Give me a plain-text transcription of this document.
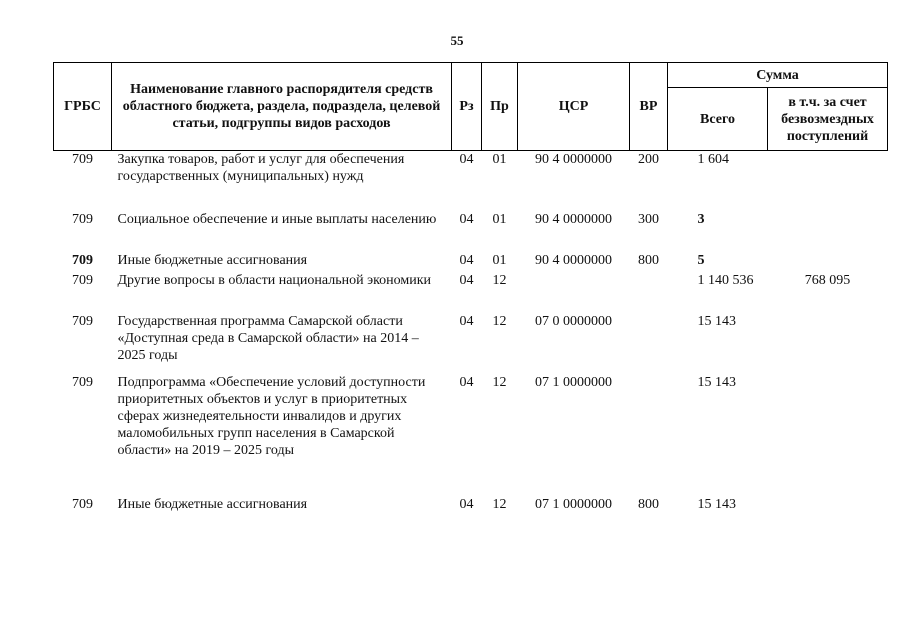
55
ГРБС	Наименование главного распорядителя средств областного бюджета, раздела, подраздела, целевой статьи, подгруппы видов расходов	Рз	Пр	ЦСР	ВР	Сумма	
						Всего	в т.ч. за счет безвозмездных поступлений
709	Закупка товаров, работ и услуг для обеспечения государственных (муниципальных) нужд	04	01	90 4 0000000	200	1 604	
709	Социальное обеспечение и иные выплаты населению	04	01	90 4 0000000	300	3	
709	Иные бюджетные ассигнования	04	01	90 4 0000000	800	5	
709	Другие вопросы в области национальной экономики	04	12			1 140 536	768 095
709	Государственная программа Самарской области «Доступная среда в Самарской области» на 2014 – 2025 годы	04	12	07 0 0000000		15 143	
709	Подпрограмма «Обеспечение условий доступности приоритетных объектов и услуг в приоритетных сферах жизнедеятельности инвалидов и других маломобильных групп населения в Самарской области» на 2019 – 2025 годы	04	12	07 1 0000000		15 143	
709	Иные бюджетные ассигнования	04	12	07 1 0000000	800	15 143	
